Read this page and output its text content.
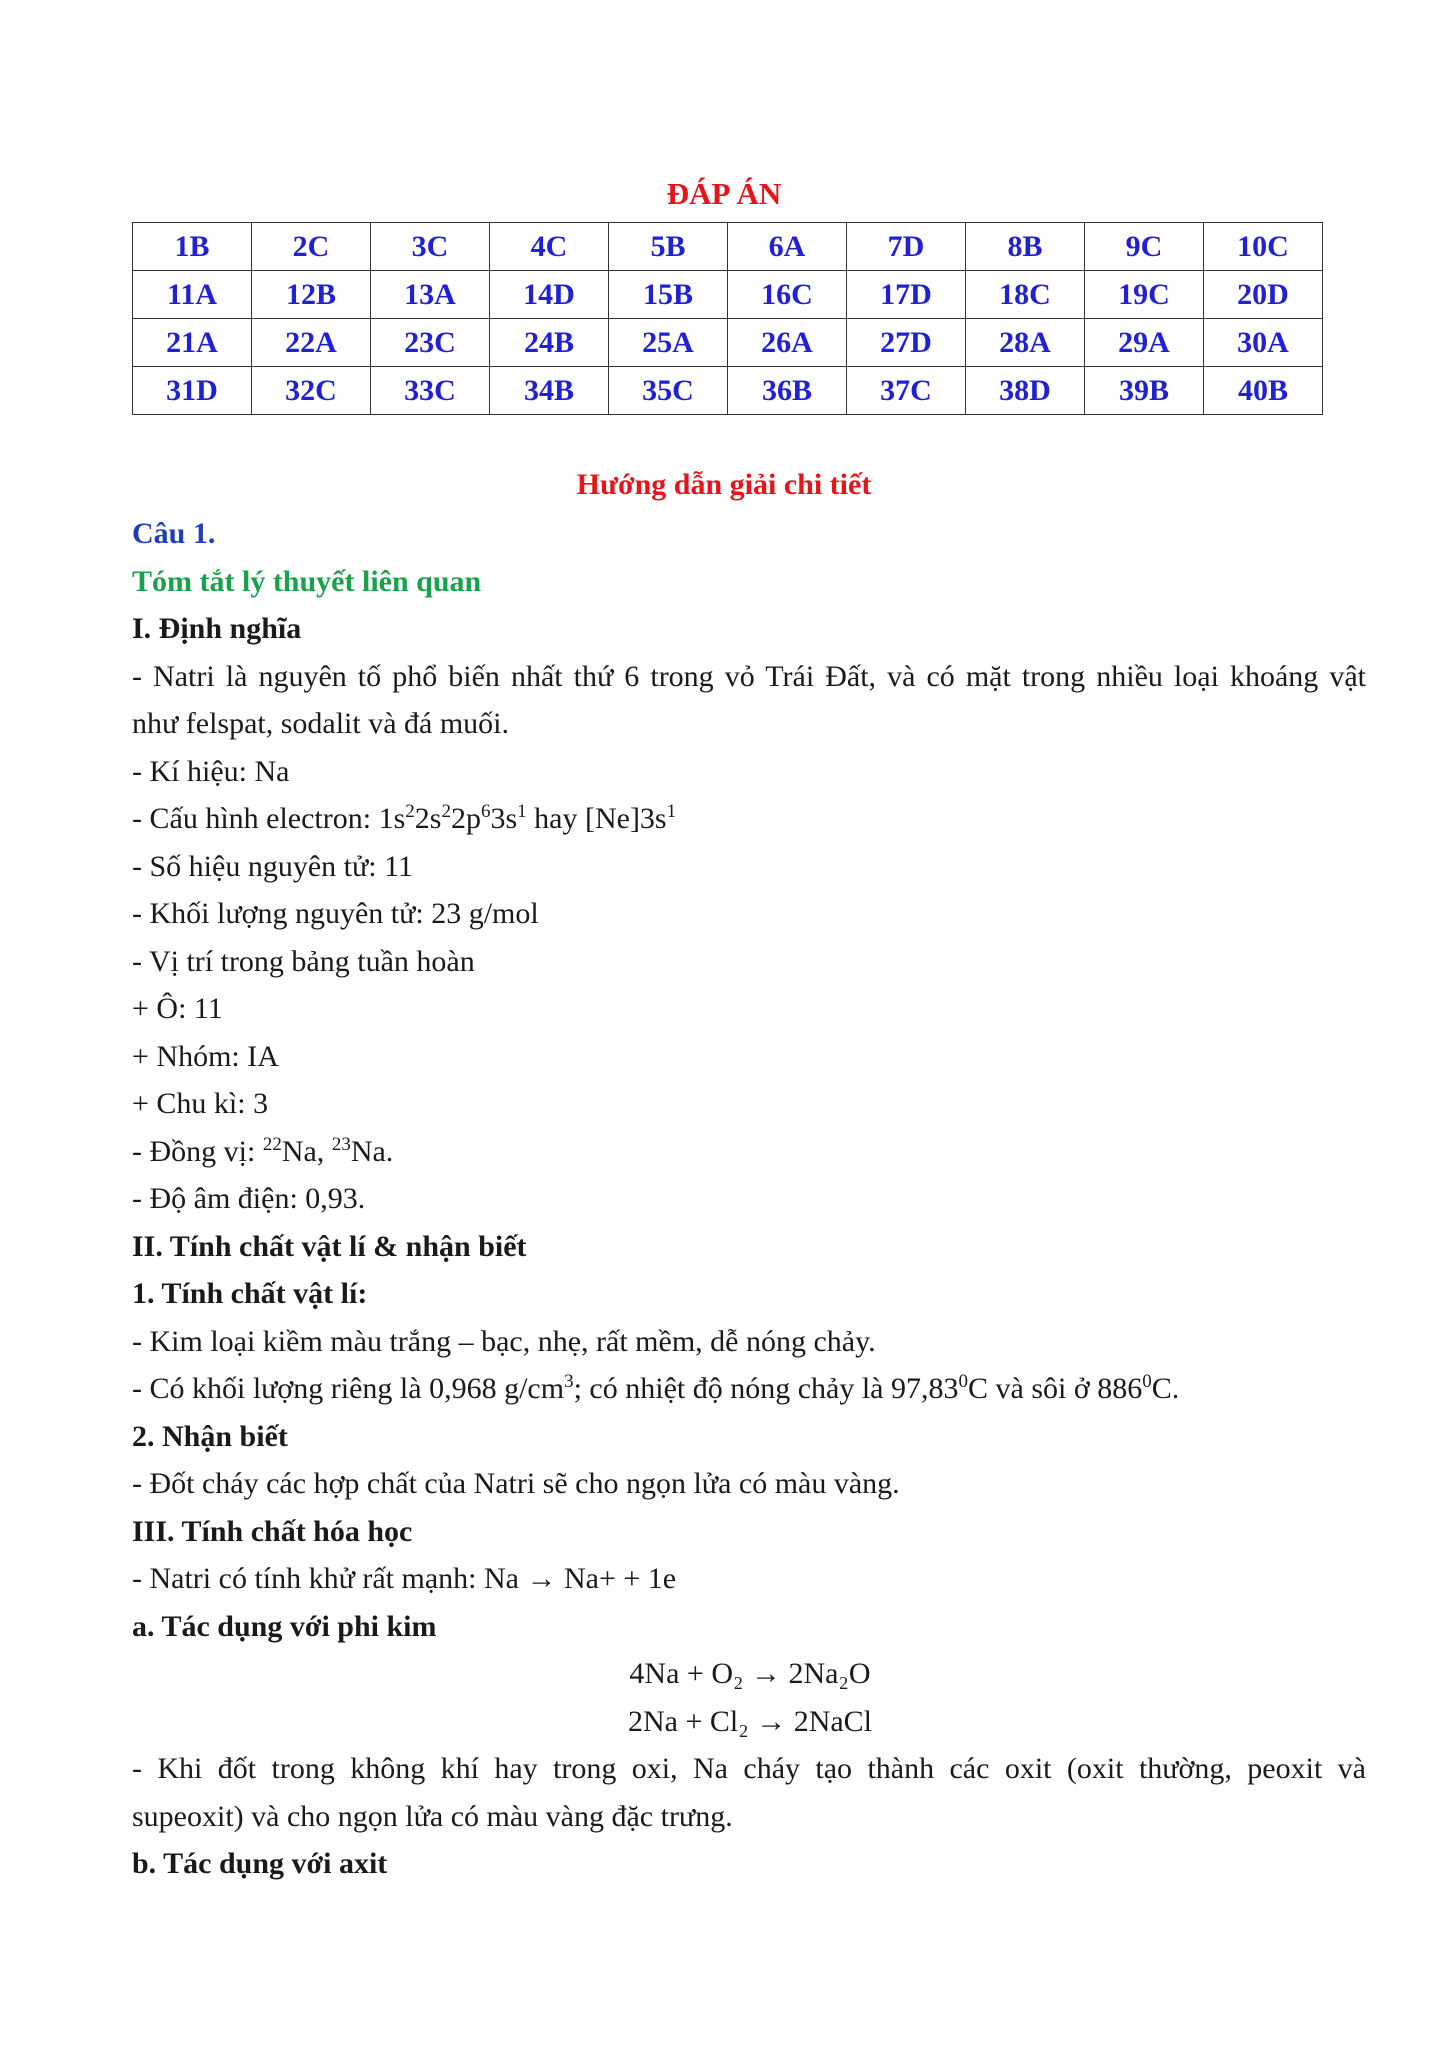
ĐÁP ÁN
1B	2C	3C	4C	5B	6A	7D	8B	9C	10C
11A	12B	13A	14D	15B	16C	17D	18C	19C	20D
21A	22A	23C	24B	25A	26A	27D	28A	29A	30A
31D	32C	33C	34B	35C	36B	37C	38D	39B	40B
Hướng dẫn giải chi tiết
Câu 1.
Tóm tắt lý thuyết liên quan
I. Định nghĩa
- Natri là nguyên tố phổ biến nhất thứ 6 trong vỏ Trái Đất, và có mặt trong nhiều loại khoáng vật
như felspat, sodalit và đá muối.
- Kí hiệu: Na
- Cấu hình electron: $1s^22s^22p^63s^1$ hay $[Ne]3s^1$
- Số hiệu nguyên tử: 11
- Khối lượng nguyên tử: 23 g/mol
- Vị trí trong bảng tuần hoàn
+ Ô: 11
+ Nhóm: IA
+ Chu kì: 3
- Đồng vị: $^{22}$Na, $^{23}$Na.
- Độ âm điện: 0,93.
II. Tính chất vật lí & nhận biết
1. Tính chất vật lí:
- Kim loại kiềm màu trắng – bạc, nhẹ, rất mềm, dễ nóng chảy.
- Có khối lượng riêng là 0,968 $g/cm^3$; có nhiệt độ nóng chảy là 97,83$^0$C và sôi ở $886^0C$.
2. Nhận biết
- Đốt cháy các hợp chất của Natri sẽ cho ngọn lửa có màu vàng.
III. Tính chất hóa học
- Natri có tính khử rất mạnh: Na → Na+ + 1e
a. Tác dụng với phi kim
4Na + O₂ → 2Na₂O
2Na + Cl₂ → 2NaCl
- Khi đốt trong không khí hay trong oxi, Na cháy tạo thành các oxit (oxit thường, peoxit và
supeoxit) và cho ngọn lửa có màu vàng đặc trưng.
b. Tác dụng với axit
